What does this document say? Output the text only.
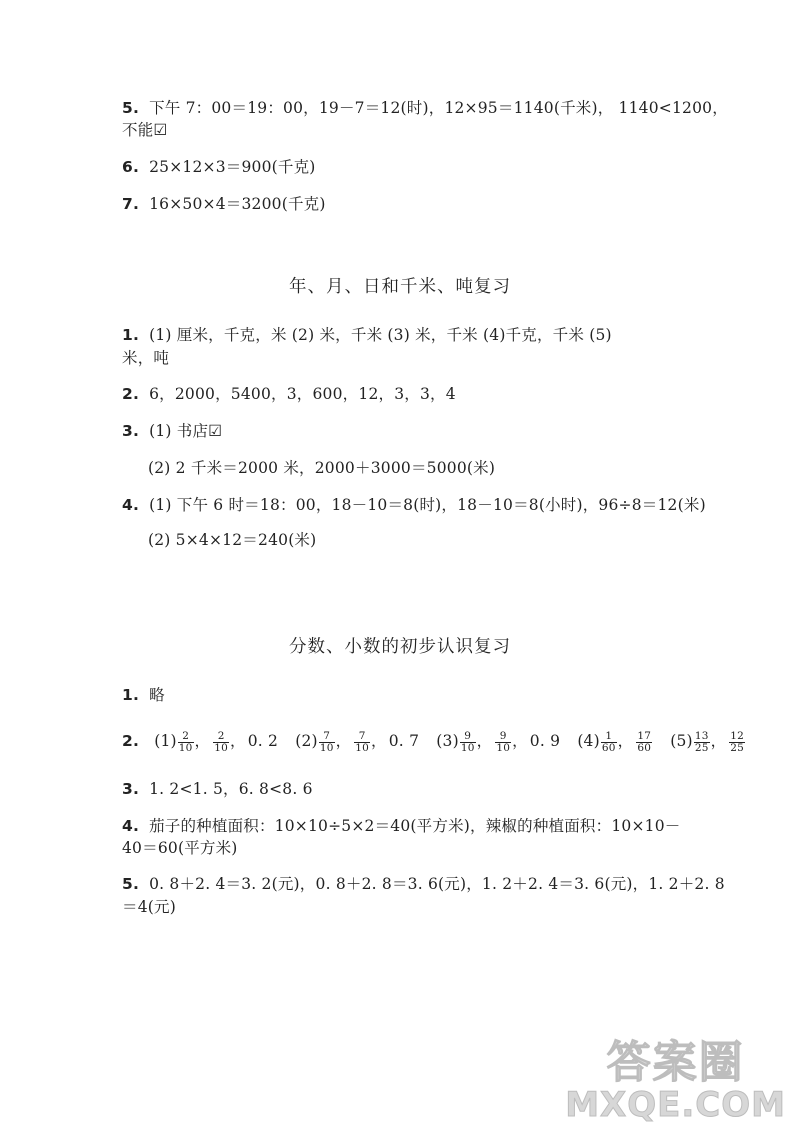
5. 下午 7：00＝19：00，19－7＝12(时)，12×95＝1140(千米)， 1140<1200，
不能☑
6. 25×12×3＝900(千克)
7. 16×50×4＝3200(千克)
年、月、日和千米、吨复习
1. (1) 厘米，千克，米 (2) 米，千米 (3) 米，千米 (4)千克，千米 (5)
米，吨
2. 6，2000，5400，3，600，12，3，3，4
3. (1) 书店☑
(2) 2 千米＝2000 米，2000＋3000＝5000(米)
4. (1) 下午 6 时＝18：00，18－10＝8(时)，18－10＝8(小时)，96÷8＝12(米)
(2) 5×4×12＝240(米)
分数、小数的初步认识复习
1. 略
2. $(1) \frac{2}{10}$ ， $\frac{2}{10}$ ， 0. 2 $(2) \frac{7}{10}$ ， $\frac{7}{10}$ ， 0. 7 $(3) \frac{9}{10}$ ， $\frac{9}{10}$ ， 0. 9 $(4) \frac{1}{60}$ ， $\frac{17}{60} (5) \frac{13}{25}$ ， $\frac{12}{25}$
3. 1. 2<1. 5，6. 8<8. 6
4. 茄子的种植面积：10×10÷5×2＝40(平方米)，辣椒的种植面积：10×10－
40＝60(平方米)
5. 0. 8＋2. 4＝3. 2(元)，0. 8＋2. 8＝3. 6(元)，1. 2＋2. 4＝3. 6(元)，1. 2＋2. 8
＝4(元)
答案圈
MXQE.COM
